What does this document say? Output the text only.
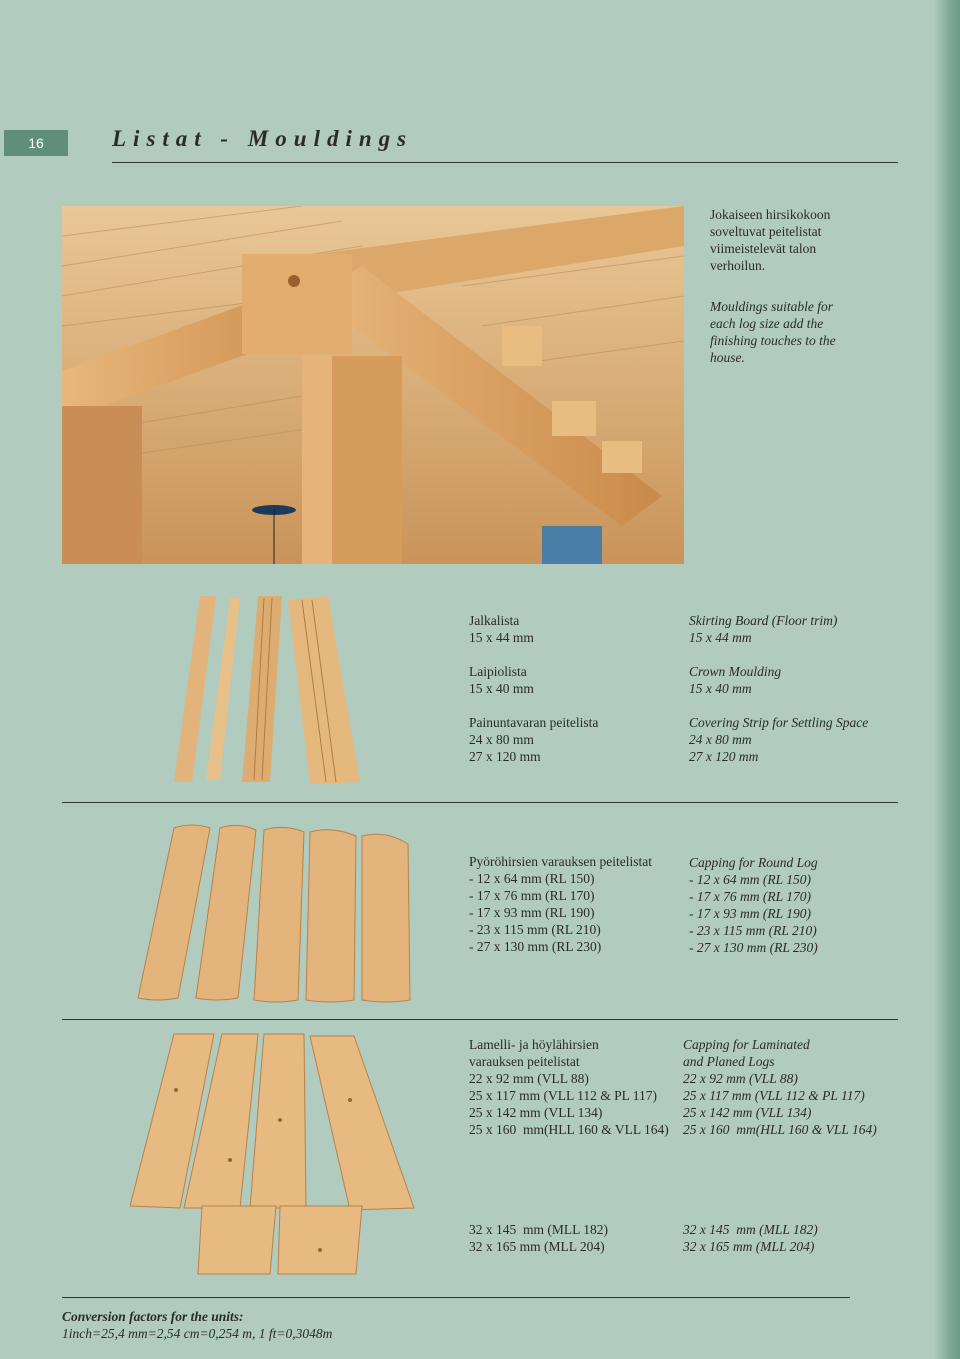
16	Listat - Mouldings
Jokaiseen hirsikokoon
soveltuvat peitelistat
viimeistelevät talon
verhoilun.
Mouldings suitable for
each log size add the
finishing touches to the
house.
Jalkalista
15 x 44 mm

Laipiolista
15 x 40 mm

Painuntavaran peitelista
24 x 80 mm
27 x 120 mm
Skirting Board (Floor trim)
15 x 44 mm

Crown Moulding
15 x 40 mm

Covering Strip for Settling Space
24 x 80 mm
27 x 120 mm
Pyöröhirsien varauksen peitelistat
- 12 x 64 mm (RL 150)
- 17 x 76 mm (RL 170)
- 17 x 93 mm (RL 190)
- 23 x 115 mm (RL 210)
- 27 x 130 mm (RL 230)
Capping for Round Log
- 12 x 64 mm (RL 150)
- 17 x 76 mm (RL 170)
- 17 x 93 mm (RL 190)
- 23 x 115 mm (RL 210)
- 27 x 130 mm (RL 230)
Lamelli- ja höylähirsien
varauksen peitelistat
22 x 92 mm (VLL 88)
25 x 117 mm (VLL 112 & PL 117)
25 x 142 mm (VLL 134)
25 x 160  mm(HLL 160 & VLL 164)
Capping for Laminated
and Planed Logs
22 x 92 mm (VLL 88)
25 x 117 mm (VLL 112 & PL 117)
25 x 142 mm (VLL 134)
25 x 160  mm(HLL 160 & VLL 164)
32 x 145  mm (MLL 182)
32 x 165 mm (MLL 204)
32 x 145  mm (MLL 182)
32 x 165 mm (MLL 204)
Conversion factors for the units:
1inch=25,4 mm=2,54 cm=0,254 m, 1 ft=0,3048m
